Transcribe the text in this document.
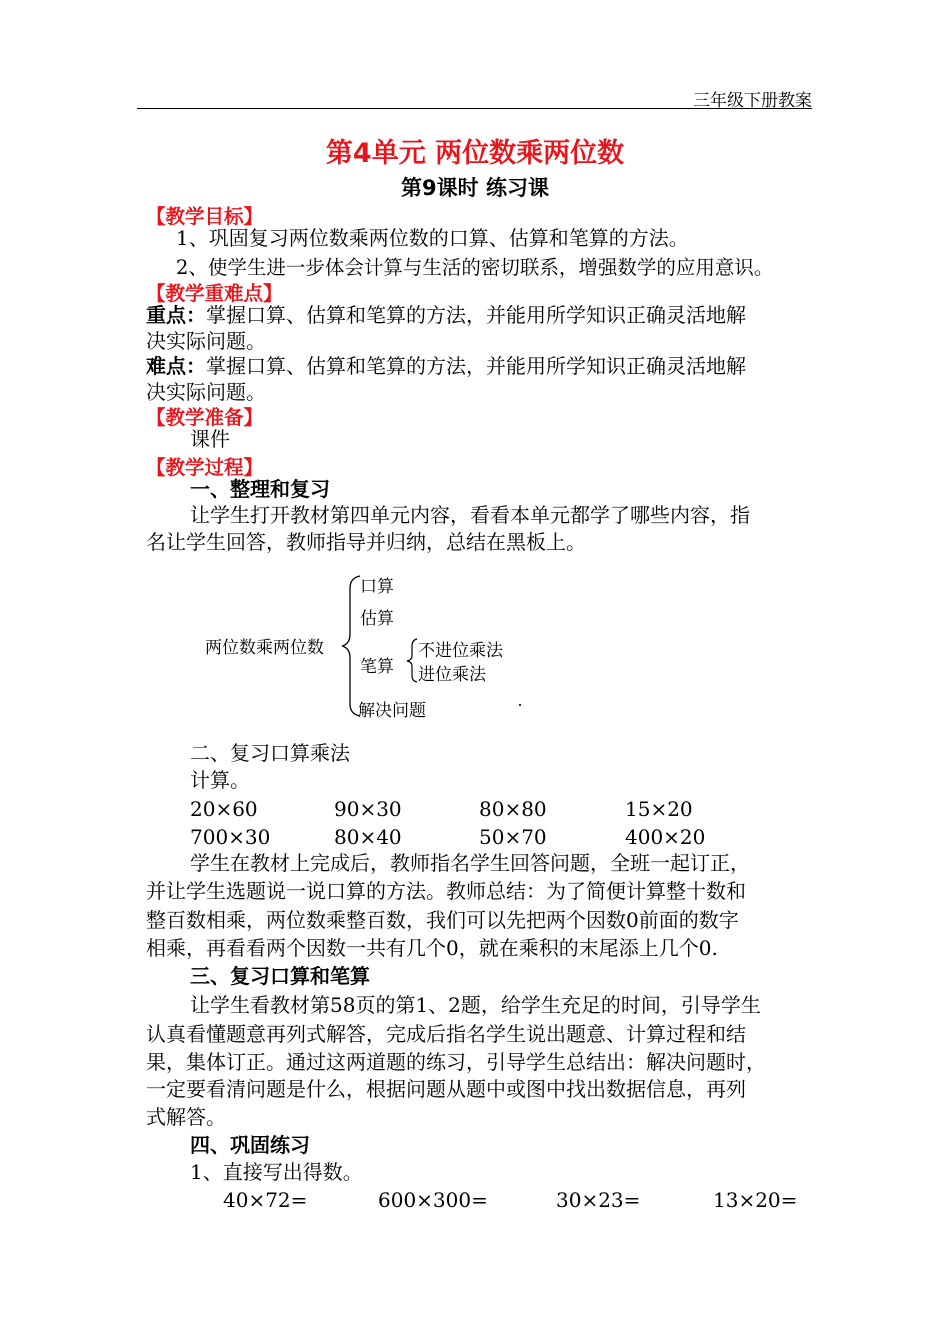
三年级下册教案
第4单元 两位数乘两位数
第9课时 练习课
【教学目标】
1、巩固复习两位数乘两位数的口算、估算和笔算的方法。
2、使学生进一步体会计算与生活的密切联系，增强数学的应用意识。
【教学重难点】
重点：掌握口算、估算和笔算的方法，并能用所学知识正确灵活地解
决实际问题。
难点：掌握口算、估算和笔算的方法，并能用所学知识正确灵活地解
决实际问题。
【教学准备】
课件
【教学过程】
一、整理和复习
让学生打开教材第四单元内容，看看本单元都学了哪些内容，指
名让学生回答，教师指导并归纳，总结在黑板上。
两位数乘两位数
口算
估算
笔算
不进位乘法
进位乘法
解决问题
二、复习口算乘法
计算。
20×60	90×30	80×80	15×20
700×30	80×40	50×70	400×20
学生在教材上完成后，教师指名学生回答问题，全班一起订正，
并让学生选题说一说口算的方法。教师总结：为了简便计算整十数和
整百数相乘，两位数乘整百数，我们可以先把两个因数0前面的数字
相乘，再看看两个因数一共有几个0，就在乘积的末尾添上几个0.
三、复习口算和笔算
让学生看教材第58页的第1、2题，给学生充足的时间，引导学生
认真看懂题意再列式解答，完成后指名学生说出题意、计算过程和结
果，集体订正。通过这两道题的练习，引导学生总结出：解决问题时，
一定要看清问题是什么，根据问题从题中或图中找出数据信息，再列
式解答。
四、巩固练习
1、直接写出得数。
40×72=	600×300=	30×23=	13×20=
